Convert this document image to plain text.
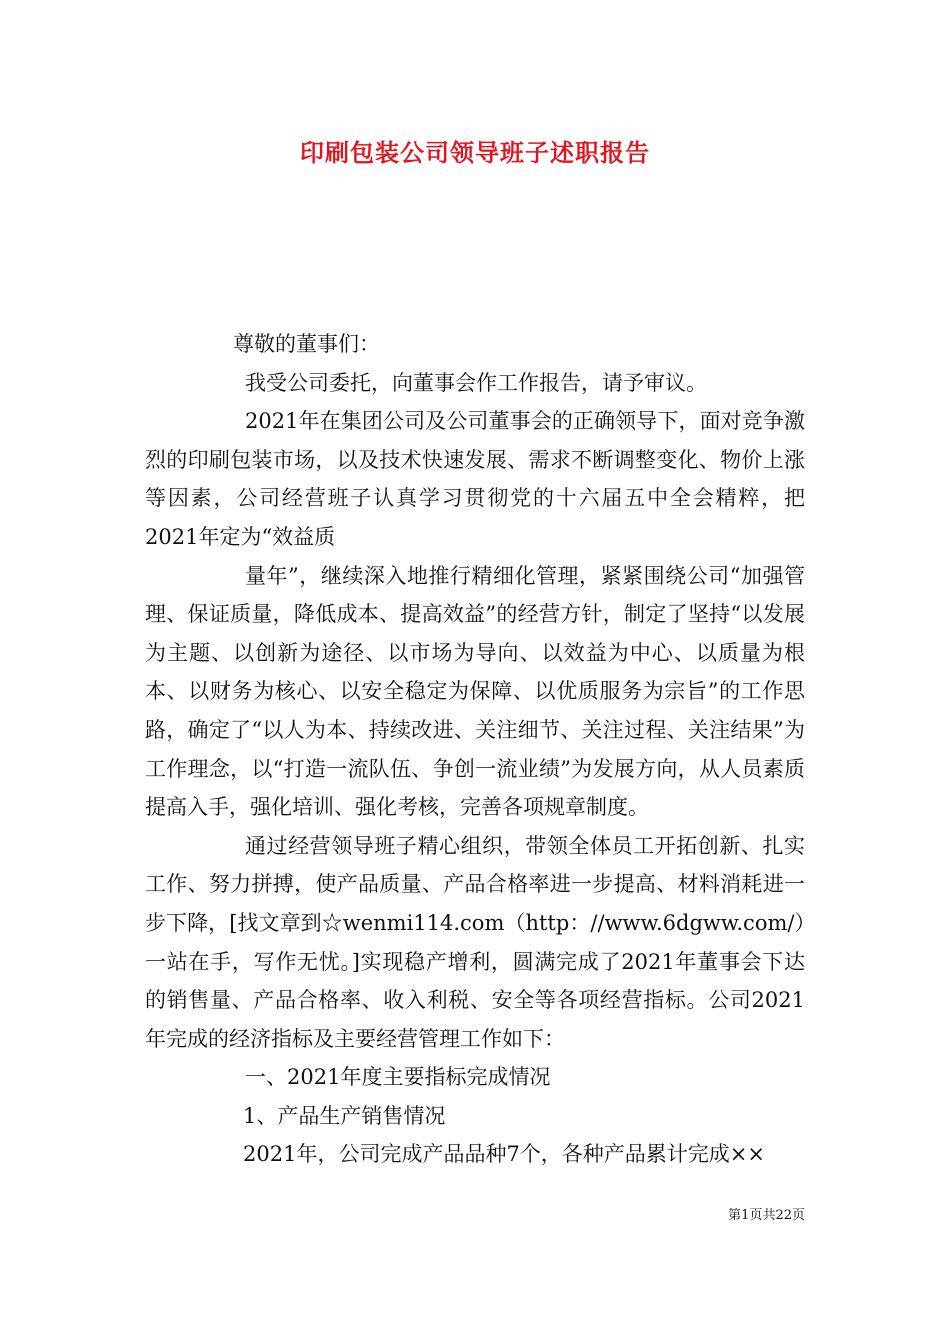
印刷包装公司领导班子述职报告

尊敬的董事们：

我受公司委托，向董事会作工作报告，请予审议。

2021年在集团公司及公司董事会的正确领导下，面对竞争激烈的印刷包装市场，以及技术快速发展、需求不断调整变化、物价上涨等因素，公司经营班子认真学习贯彻党的十六届五中全会精粹，把2021年定为“效益质

量年”，继续深入地推行精细化管理，紧紧围绕公司“加强管理、保证质量，降低成本、提高效益”的经营方针，制定了坚持“以发展为主题、以创新为途径、以市场为导向、以效益为中心、以质量为根本、以财务为核心、以安全稳定为保障、以优质服务为宗旨”的工作思路，确定了“以人为本、持续改进、关注细节、关注过程、关注结果”为工作理念，以“打造一流队伍、争创一流业绩”为发展方向，从人员素质提高入手，强化培训、强化考核，完善各项规章制度。

通过经营领导班子精心组织，带领全体员工开拓创新、扎实工作、努力拼搏，使产品质量、产品合格率进一步提高、材料消耗进一步下降，[找文章到☆wenmi114.com（http：//www.6dgww.com/）一站在手，写作无忧。]实现稳产增利，圆满完成了2021年董事会下达的销售量、产品合格率、收入利税、安全等各项经营指标。公司2021年完成的经济指标及主要经营管理工作如下：

一、2021年度主要指标完成情况

1、产品生产销售情况

2021年，公司完成产品品种7个，各种产品累计完成××

第1页共22页
